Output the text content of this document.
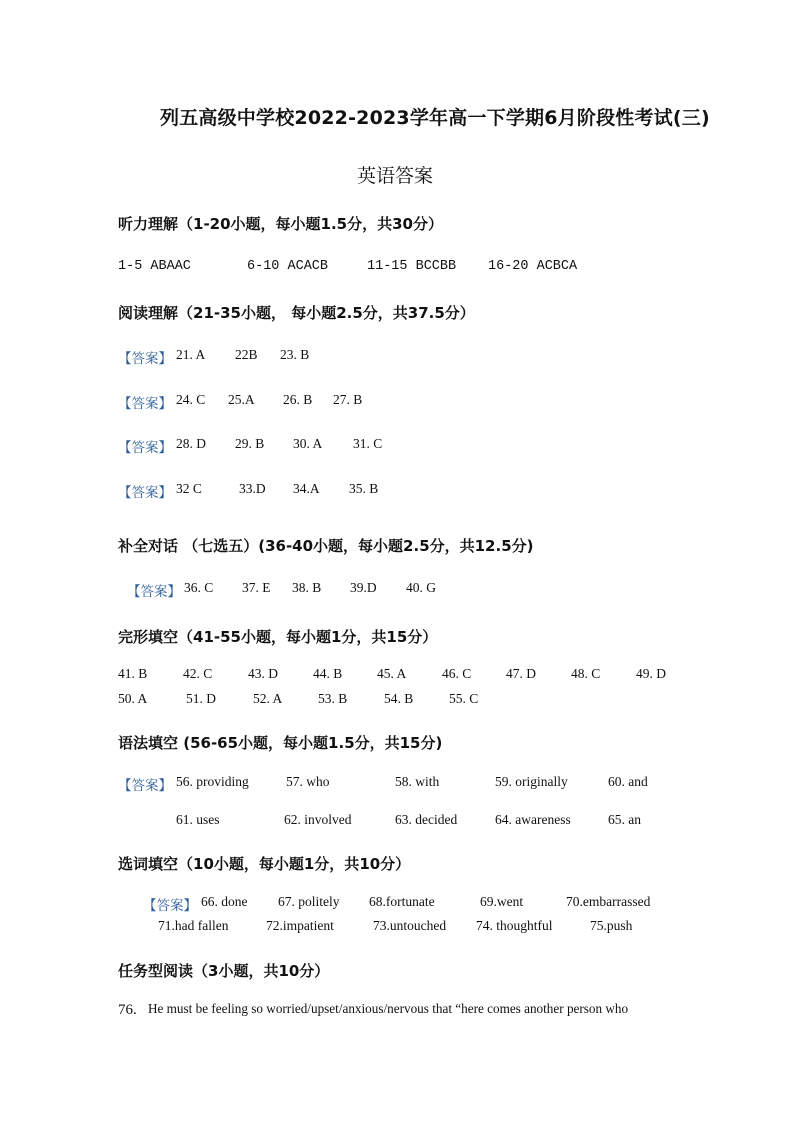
列五高级中学校2022-2023学年高一下学期6月阶段性考试(三)
英语答案
听力理解（1-20小题，每小题1.5分，共30分）
1-5 ABAAC	6-10 ACACB	11-15 BCCBB 16-20 ACBCA
阅读理解（21-35小题， 每小题2.5分，共37.5分）
【答案】 21. A 22B 23. B
【答案】 24. C 25.A 26. B 27. B
【答案】 28. D 29. B 30. A 31. C
【答案】 32 C	33.D 34.A 35. B
补全对话 （七选五）(36-40小题，每小题2.5分，共12.5分)
【答案】 36. C 37. E 38. B 39.D 40. G
完形填空（41-55小题，每小题1分，共15分）
41. B	42. C	43. D	44. B	45. A	46. C	47. D	48. C	49. D
50. A	51. D	52. A	53. B	54. B	55. C
语法填空 (56-65小题，每小题1.5分，共15分)
【答案】 56. providing	57. who	58. with	59. originally	60. and
61. uses	62. involved	63. decided	64. awareness	65. an
选词填空（10小题，每小题1分，共10分）
【答案】 66. done 67. politely 68.fortunate	69.went	70.embarrassed
71.had fallen	72.impatient	73.untouched 74. thoughtful	75.push
任务型阅读（3小题，共10分）
76. He must be feeling so worried/upset/anxious/nervous that “here comes another person who
